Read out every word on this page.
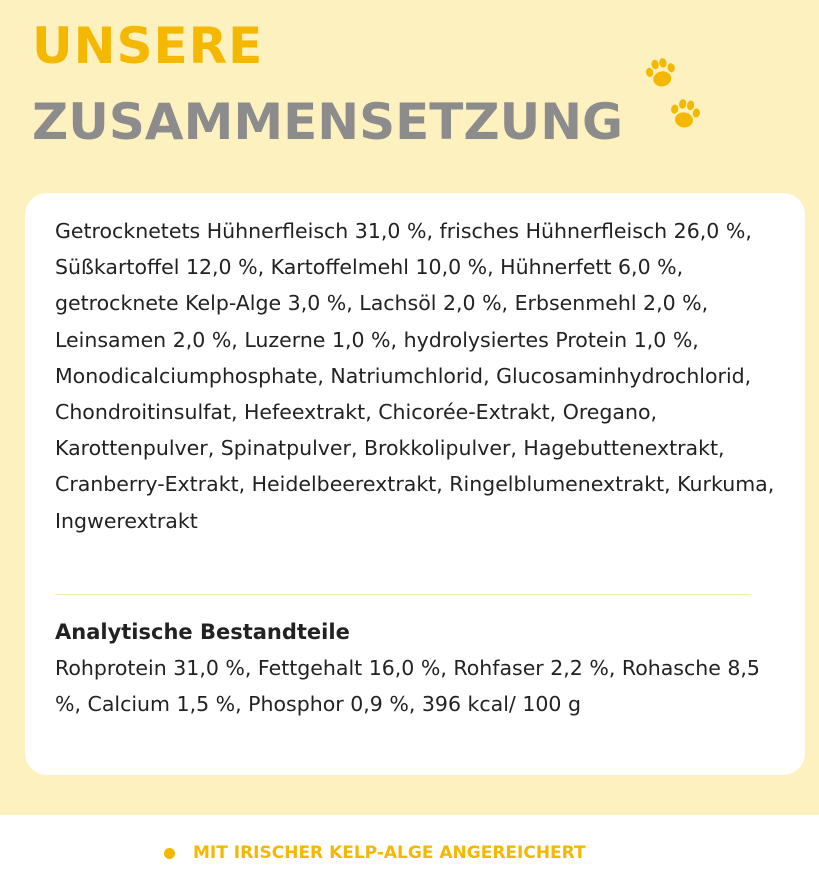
UNSERE
ZUSAMMENSETZUNG

Getrocknetets Hühnerfleisch 31,0 %, frisches Hühnerfleisch 26,0 %, Süßkartoffel 12,0 %, Kartoffelmehl 10,0 %, Hühnerfett 6,0 %, getrocknete Kelp-Alge 3,0 %, Lachsöl 2,0 %, Erbsenmehl 2,0 %, Leinsamen 2,0 %, Luzerne 1,0 %, hydrolysiertes Protein 1,0 %, Monodicalciumphosphate, Natriumchlorid, Glucosaminhydrochlorid, Chondroitinsulfat, Hefeextrakt, Chicorée-Extrakt, Oregano, Karottenpulver, Spinatpulver, Brokkolipulver, Hagebuttenextrakt, Cranberry-Extrakt, Heidelbeerextrakt, Ringelblumenextrakt, Kurkuma, Ingwerextrakt

Analytische Bestandteile

Rohprotein 31,0 %, Fettgehalt 16,0 %, Rohfaser 2,2 %, Rohasche 8,5 %, Calcium 1,5 %, Phosphor 0,9 %, 396 kcal/ 100 g

MIT IRISCHER KELP-ALGE ANGEREICHERT
